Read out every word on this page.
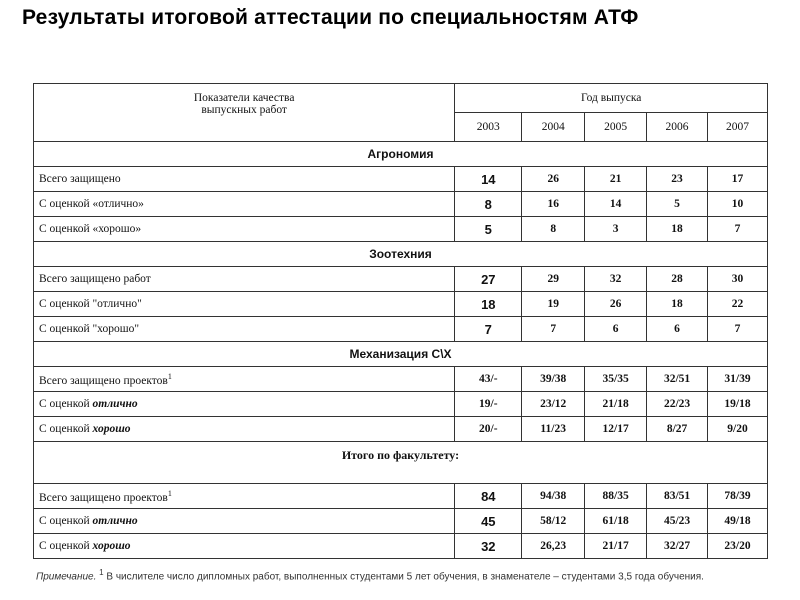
Результаты итоговой аттестации по специальностям АТФ
Показатели качества выпускных работ	Год выпуска				
	2003	2004	2005	2006	2007
Агрономия					
Всего защищено	14	26	21	23	17
С оценкой «отлично»	8	16	14	5	10
С оценкой «хорошо»	5	8	3	18	7
Зоотехния					
Всего защищено работ	27	29	32	28	30
С оценкой "отлично"	18	19	26	18	22
С оценкой "хорошо"	7	7	6	6	7
Механизация С\Х					
Всего защищено проектов$^1$	43/-	39/38	35/35	32/51	31/39
С оценкой отлично	19/-	23/12	21/18	22/23	19/18
С оценкой хорошо	20/-	11/23	12/17	8/27	9/20
Итого по факультету:					
Всего защищено проектов$^1$	84	94/38	88/35	83/51	78/39
С оценкой отлично	45	58/12	61/18	45/23	49/18
С оценкой хорошо	32	26,23	21/17	32/27	23/20
Примечание. $^1$ В числителе число дипломных работ, выполненных студентами 5 лет обучения, в знаменателе – студентами 3,5 года обучения.
